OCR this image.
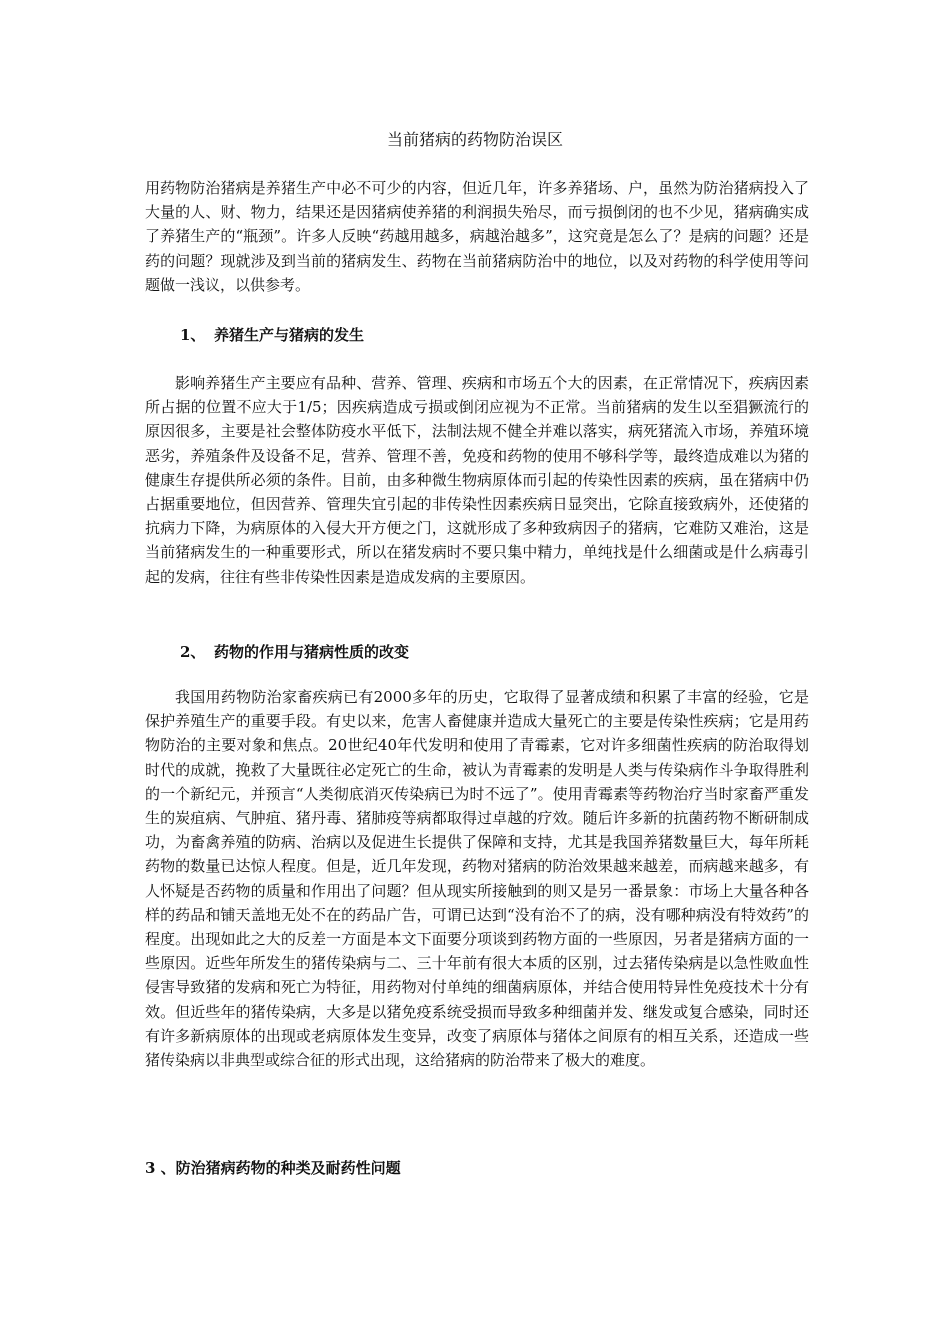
当前猪病的药物防治误区

用药物防治猪病是养猪生产中必不可少的内容，但近几年，许多养猪场、户，虽然为防治猪病投入了大量的人、财、物力，结果还是因猪病使养猪的利润损失殆尽，而亏损倒闭的也不少见，猪病确实成了养猪生产的“瓶颈”。许多人反映“药越用越多，病越治越多”，这究竟是怎么了？是病的问题？还是药的问题？现就涉及到当前的猪病发生、药物在当前猪病防治中的地位，以及对药物的科学使用等问题做一浅议，以供参考。

1、 养猪生产与猪病的发生

影响养猪生产主要应有品种、营养、管理、疾病和市场五个大的因素，在正常情况下，疾病因素所占据的位置不应大于1/5；因疾病造成亏损或倒闭应视为不正常。当前猪病的发生以至猖獗流行的原因很多，主要是社会整体防疫水平低下，法制法规不健全并难以落实，病死猪流入市场，养殖环境恶劣，养殖条件及设备不足，营养、管理不善，免疫和药物的使用不够科学等，最终造成难以为猪的健康生存提供所必须的条件。目前，由多种微生物病原体而引起的传染性因素的疾病，虽在猪病中仍占据重要地位，但因营养、管理失宜引起的非传染性因素疾病日显突出，它除直接致病外，还使猪的抗病力下降，为病原体的入侵大开方便之门，这就形成了多种致病因子的猪病，它难防又难治，这是当前猪病发生的一种重要形式，所以在猪发病时不要只集中精力，单纯找是什么细菌或是什么病毒引起的发病，往往有些非传染性因素是造成发病的主要原因。

2、 药物的作用与猪病性质的改变

我国用药物防治家畜疾病已有2000多年的历史，它取得了显著成绩和积累了丰富的经验，它是保护养殖生产的重要手段。有史以来，危害人畜健康并造成大量死亡的主要是传染性疾病；它是用药物防治的主要对象和焦点。20世纪40年代发明和使用了青霉素，它对许多细菌性疾病的防治取得划时代的成就，挽救了大量既往必定死亡的生命，被认为青霉素的发明是人类与传染病作斗争取得胜利的一个新纪元，并预言“人类彻底消灭传染病已为时不远了”。使用青霉素等药物治疗当时家畜严重发生的炭疽病、气肿疽、猪丹毒、猪肺疫等病都取得过卓越的疗效。随后许多新的抗菌药物不断研制成功，为畜禽养殖的防病、治病以及促进生长提供了保障和支持，尤其是我国养猪数量巨大，每年所耗药物的数量已达惊人程度。但是，近几年发现，药物对猪病的防治效果越来越差，而病越来越多，有人怀疑是否药物的质量和作用出了问题？但从现实所接触到的则又是另一番景象：市场上大量各种各样的药品和铺天盖地无处不在的药品广告，可谓已达到“没有治不了的病，没有哪种病没有特效药”的程度。出现如此之大的反差一方面是本文下面要分项谈到药物方面的一些原因，另者是猪病方面的一些原因。近些年所发生的猪传染病与二、三十年前有很大本质的区别，过去猪传染病是以急性败血性侵害导致猪的发病和死亡为特征，用药物对付单纯的细菌病原体，并结合使用特异性免疫技术十分有效。但近些年的猪传染病，大多是以猪免疫系统受损而导致多种细菌并发、继发或复合感染，同时还有许多新病原体的出现或老病原体发生变异，改变了病原体与猪体之间原有的相互关系，还造成一些猪传染病以非典型或综合征的形式出现，这给猪病的防治带来了极大的难度。

3 、防治猪病药物的种类及耐药性问题
